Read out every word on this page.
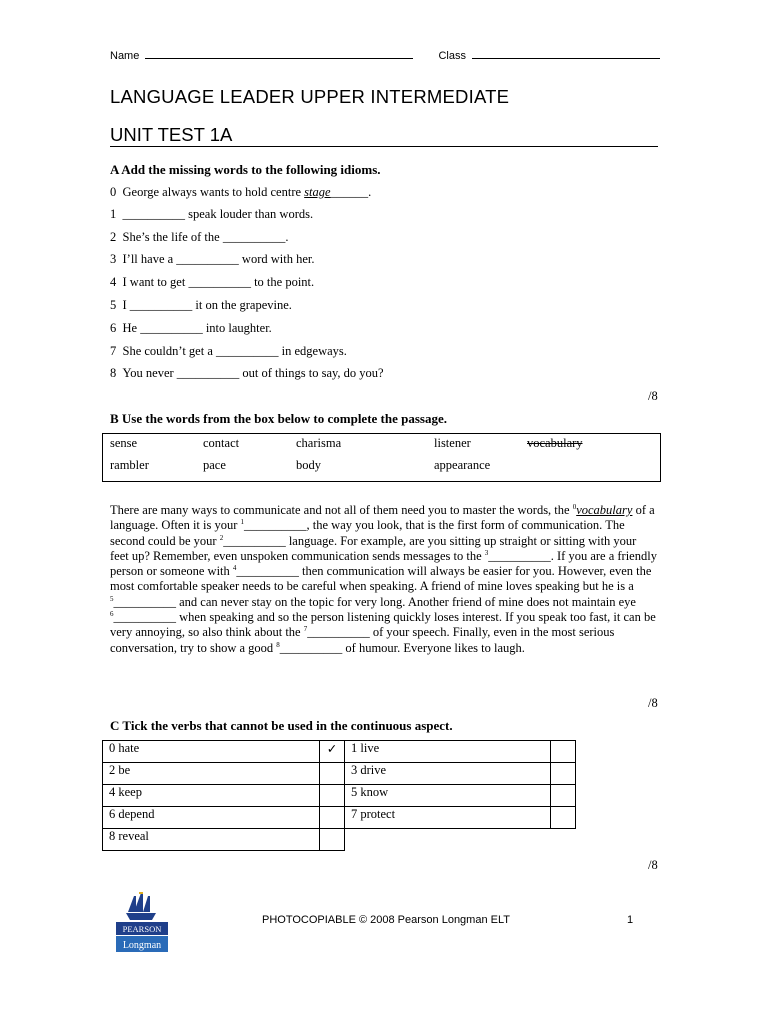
Name	Class
LANGUAGE LEADER UPPER INTERMEDIATE
UNIT TEST 1A
A Add the missing words to the following idioms.
0 George always wants to hold centre stage______.
1  __________ speak louder than words.
2 She’s the life of the __________.
3 I’ll have a __________ word with her.
4 I want to get __________ to the point.
5 I __________ it on the grapevine.
6 He __________ into laughter.
7 She couldn’t get a __________ in edgeways.
8 You never __________ out of things to say, do you?
/8
B Use the words from the box below to complete the passage.
sense	contact	charisma	listener	vocabulary
rambler	pace	body	appearance
There are many ways to communicate and not all of them need you to master the words, the $^0$vocabulary of a language. Often it is your $^1$__________, the way you look, that is the first form of communication. The second could be your $^2$__________ language. For example, are you sitting up straight or sitting with your feet up? Remember, even unspoken communication sends messages to the $^3$__________. If you are a friendly person or someone with $^4$__________ then communication will always be easier for you. However, even the most comfortable speaker needs to be careful when speaking. A friend of mine loves speaking but he is a $^5$__________ and can never stay on the topic for very long. Another friend of mine does not maintain eye $^6$__________ when speaking and so the person listening quickly loses interest. If you speak too fast, it can be very annoying, so also think about the $^7$__________ of your speech. Finally, even in the most serious conversation, try to show a good $^8$__________ of humour. Everyone likes to laugh.
/8
C Tick the verbs that cannot be used in the continuous aspect.
0 hate	✓	1 live	
2 be		3 drive	
4 keep		5 know	
6 depend		7 protect	
8 reveal			
/8
PEARSON
Longman
PHOTOCOPIABLE © 2008 Pearson Longman ELT	1
